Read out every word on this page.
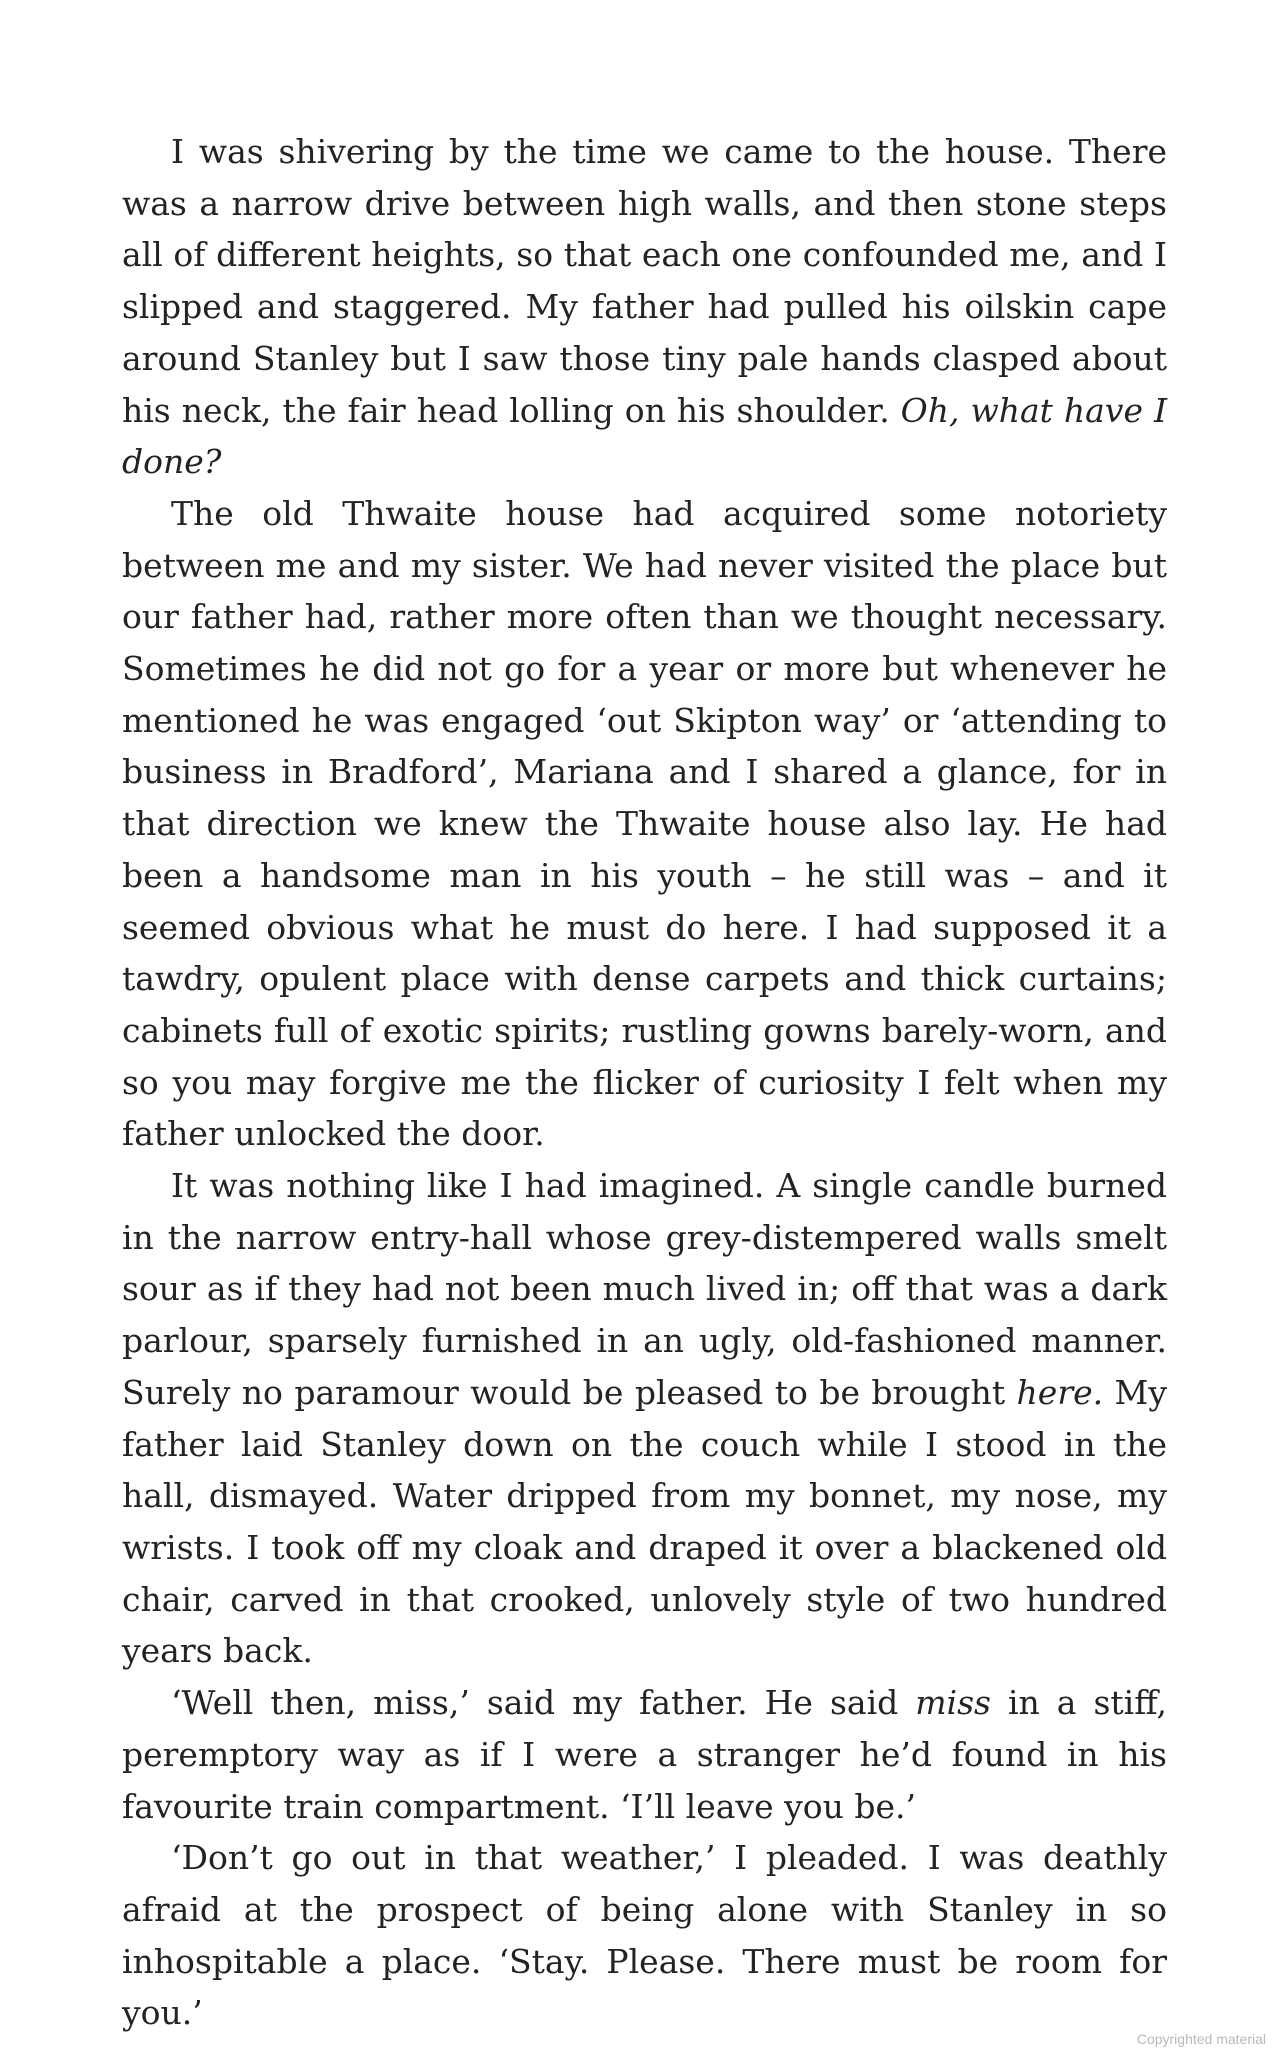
I was shivering by the time we came to the house. There was a narrow drive between high walls, and then stone steps all of different heights, so that each one confounded me, and I slipped and staggered. My father had pulled his oilskin cape around Stanley but I saw those tiny pale hands clasped about his neck, the fair head lolling on his shoulder. Oh, what have I done?

The old Thwaite house had acquired some notoriety between me and my sister. We had never visited the place but our father had, rather more often than we thought necessary. Sometimes he did not go for a year or more but whenever he mentioned he was engaged ‘out Skipton way’ or ‘attending to business in Bradford’, Mariana and I shared a glance, for in that direction we knew the Thwaite house also lay. He had been a handsome man in his youth – he still was – and it seemed obvious what he must do here. I had supposed it a tawdry, opulent place with dense carpets and thick curtains; cabinets full of exotic spirits; rustling gowns barely-worn, and so you may forgive me the flicker of curiosity I felt when my father unlocked the door.

It was nothing like I had imagined. A single candle burned in the narrow entry-hall whose grey-distempered walls smelt sour as if they had not been much lived in; off that was a dark parlour, sparsely furnished in an ugly, old-fashioned manner. Surely no paramour would be pleased to be brought here. My father laid Stanley down on the couch while I stood in the hall, dismayed. Water dripped from my bonnet, my nose, my wrists. I took off my cloak and draped it over a blackened old chair, carved in that crooked, unlovely style of two hundred years back.

‘Well then, miss,’ said my father. He said miss in a stiff, peremptory way as if I were a stranger he’d found in his favourite train compartment. ‘I’ll leave you be.’

‘Don’t go out in that weather,’ I pleaded. I was deathly afraid at the prospect of being alone with Stanley in so inhospitable a place. ‘Stay. Please. There must be room for you.’

Copyrighted material
